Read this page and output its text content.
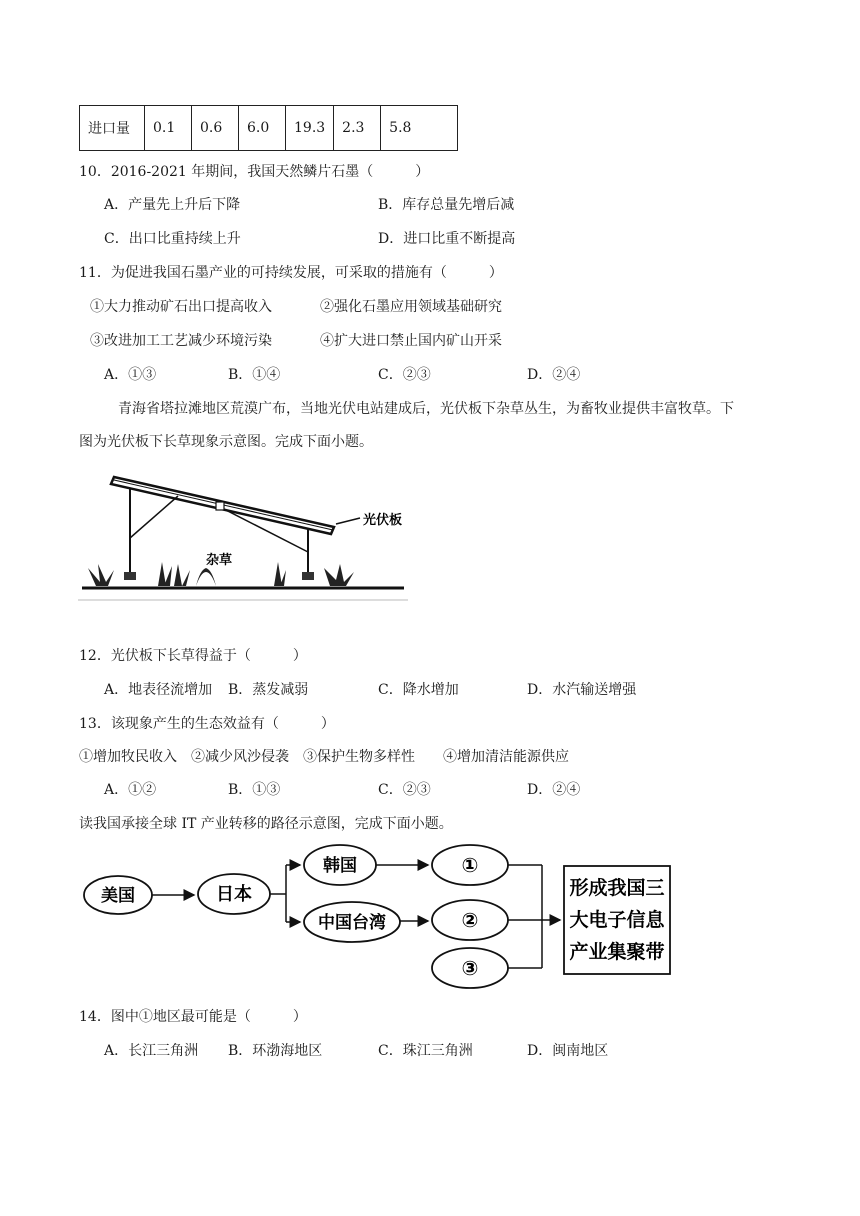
进口量	0.1	0.6	6.0	19.3	2.3	5.8
10．2016-2021 年期间，我国天然鳞片石墨（　　　）
A．产量先上升后下降	B．库存总量先增后减
C．出口比重持续上升	D．进口比重不断提高
11．为促进我国石墨产业的可持续发展，可采取的措施有（　　　）
①大力推动矿石出口提高收入	②强化石墨应用领域基础研究
③改进加工工艺减少环境污染	④扩大进口禁止国内矿山开采
A．①③	B．①④	C．②③	D．②④
青海省塔拉滩地区荒漠广布，当地光伏电站建成后，光伏板下杂草丛生，为畜牧业提供丰富牧草。下
图为光伏板下长草现象示意图。完成下面小题。
光伏板
杂草
12．光伏板下长草得益于（　　　）
A．地表径流增加 B．蒸发减弱	C．降水增加	D．水汽输送增强
13．该现象产生的生态效益有（　　　）
①增加牧民收入　②减少风沙侵袭　③保护生物多样性　　④增加清洁能源供应
A．①②	B．①③	C．②③	D．②④
读我国承接全球 IT 产业转移的路径示意图，完成下面小题。
美国	日本
韩国
中国台湾
①
②
③
形成我国三
大电子信息
产业集聚带
14．图中①地区最可能是（　　　）
A．长江三角洲 B．环渤海地区	C．珠江三角洲	D．闽南地区
